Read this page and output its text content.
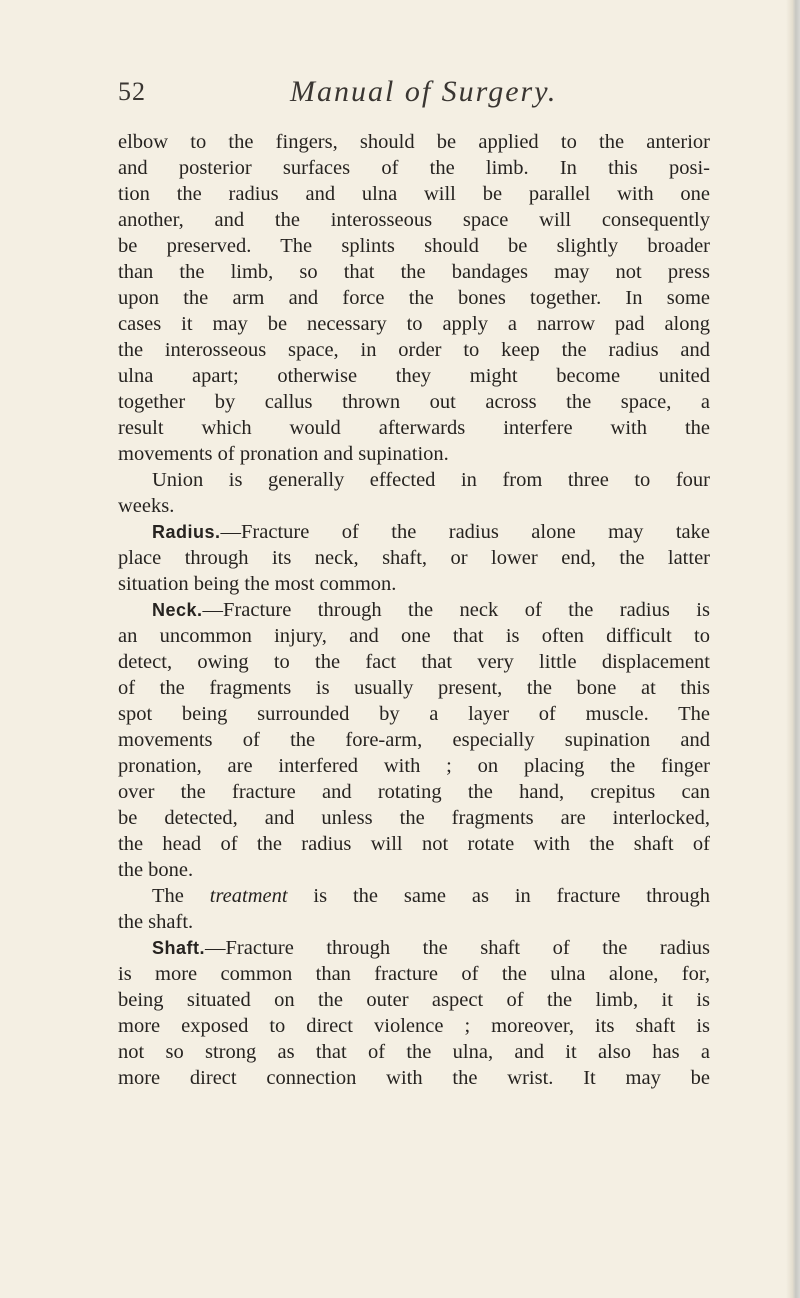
52	Manual of Surgery.
elbow to the fingers, should be applied to the anterior
and posterior surfaces of the limb. In this posi-
tion the radius and ulna will be parallel with one
another, and the interosseous space will consequently
be preserved. The splints should be slightly broader
than the limb, so that the bandages may not press
upon the arm and force the bones together. In some
cases it may be necessary to apply a narrow pad along
the interosseous space, in order to keep the radius and
ulna apart; otherwise they might become united
together by callus thrown out across the space, a
result which would afterwards interfere with the
movements of pronation and supination.
Union is generally effected in from three to four
weeks.
Radius.—Fracture of the radius alone may take
place through its neck, shaft, or lower end, the latter
situation being the most common.
Neck.—Fracture through the neck of the radius is
an uncommon injury, and one that is often difficult to
detect, owing to the fact that very little displacement
of the fragments is usually present, the bone at this
spot being surrounded by a layer of muscle. The
movements of the fore-arm, especially supination and
pronation, are interfered with ; on placing the finger
over the fracture and rotating the hand, crepitus can
be detected, and unless the fragments are interlocked,
the head of the radius will not rotate with the shaft of
the bone.
The treatment is the same as in fracture through
the shaft.
Shaft.—Fracture through the shaft of the radius
is more common than fracture of the ulna alone, for,
being situated on the outer aspect of the limb, it is
more exposed to direct violence ; moreover, its shaft is
not so strong as that of the ulna, and it also has a
more direct connection with the wrist. It may be
